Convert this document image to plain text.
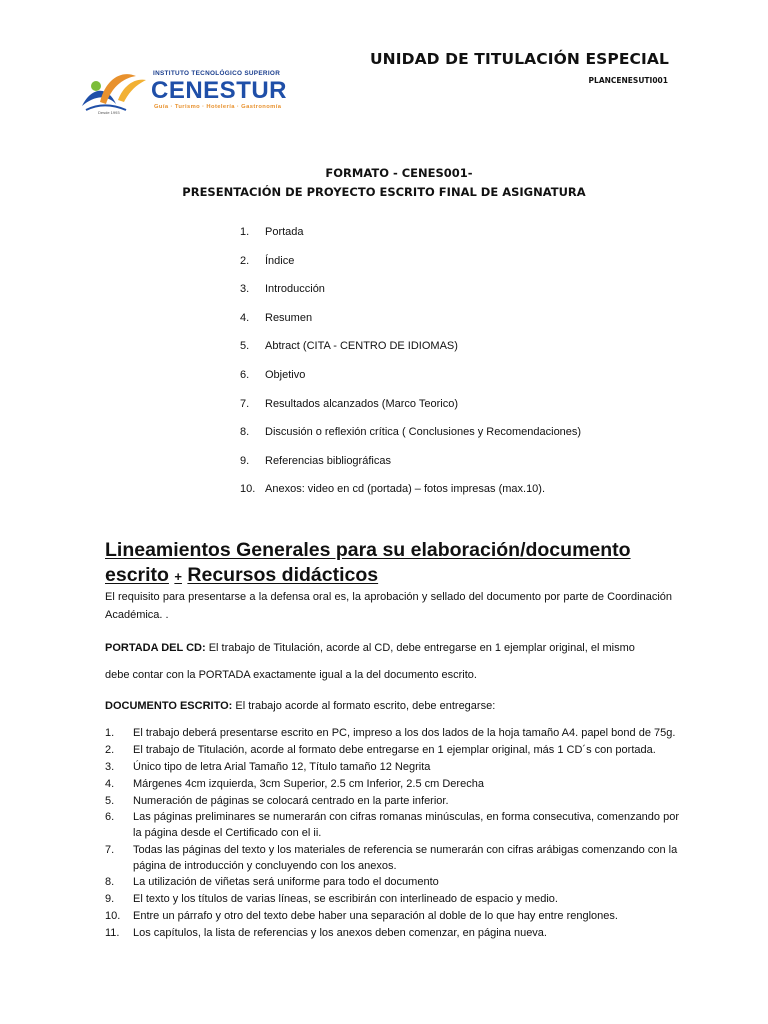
UNIDAD DE TITULACIÓN ESPECIAL
PLANCENESUTI001
INSTITUTO TECNOLÓGICO SUPERIOR
CENESTUR
Guía · Turismo · Hotelería · Gastronomía
Desde 1993
FORMATO - CENES001-
PRESENTACIÓN DE PROYECTO ESCRITO FINAL DE ASIGNATURA
1.	Portada
2.	Índice
3.	Introducción
4.	Resumen
5.	Abtract (CITA - CENTRO DE IDIOMAS)
6.	Objetivo
7.	Resultados alcanzados (Marco Teorico)
8.	Discusión o reflexión crítica ( Conclusiones y Recomendaciones)
9.	Referencias bibliográficas
10. Anexos: video en cd (portada) – fotos impresas (max.10).
Lineamientos Generales para su elaboración/documento
escrito + Recursos didácticos
El requisito para presentarse a la defensa oral es, la aprobación y sellado del documento por parte de Coordinación Académica. .
PORTADA DEL CD: El trabajo de Titulación, acorde al CD, debe entregarse en 1 ejemplar original, el mismo
debe contar con la PORTADA exactamente igual a la del documento escrito.
DOCUMENTO ESCRITO: El trabajo acorde al formato escrito, debe entregarse:
1. El trabajo deberá presentarse escrito en PC, impreso a los dos lados de la hoja tamaño A4. papel bond de 75g.
2. El trabajo de Titulación, acorde al formato debe entregarse en 1 ejemplar original, más 1 CD´s con portada.
3. Único tipo de letra Arial Tamaño 12, Título tamaño 12 Negrita
4. Márgenes 4cm izquierda, 3cm Superior, 2.5 cm Inferior, 2.5 cm Derecha
5. Numeración de páginas se colocará centrado en la parte inferior.
6. Las páginas preliminares se numerarán con cifras romanas minúsculas, en forma consecutiva, comenzando por la página desde el Certificado con el ii.
7. Todas las páginas del texto y los materiales de referencia se numerarán con cifras arábigas comenzando con la página de introducción y concluyendo con los anexos.
8. La utilización de viñetas será uniforme para todo el documento
9. El texto y los títulos de varias líneas, se escribirán con interlineado de espacio y medio.
10. Entre un párrafo y otro del texto debe haber una separación al doble de lo que hay entre renglones.
11. Los capítulos, la lista de referencias y los anexos deben comenzar, en página nueva.
